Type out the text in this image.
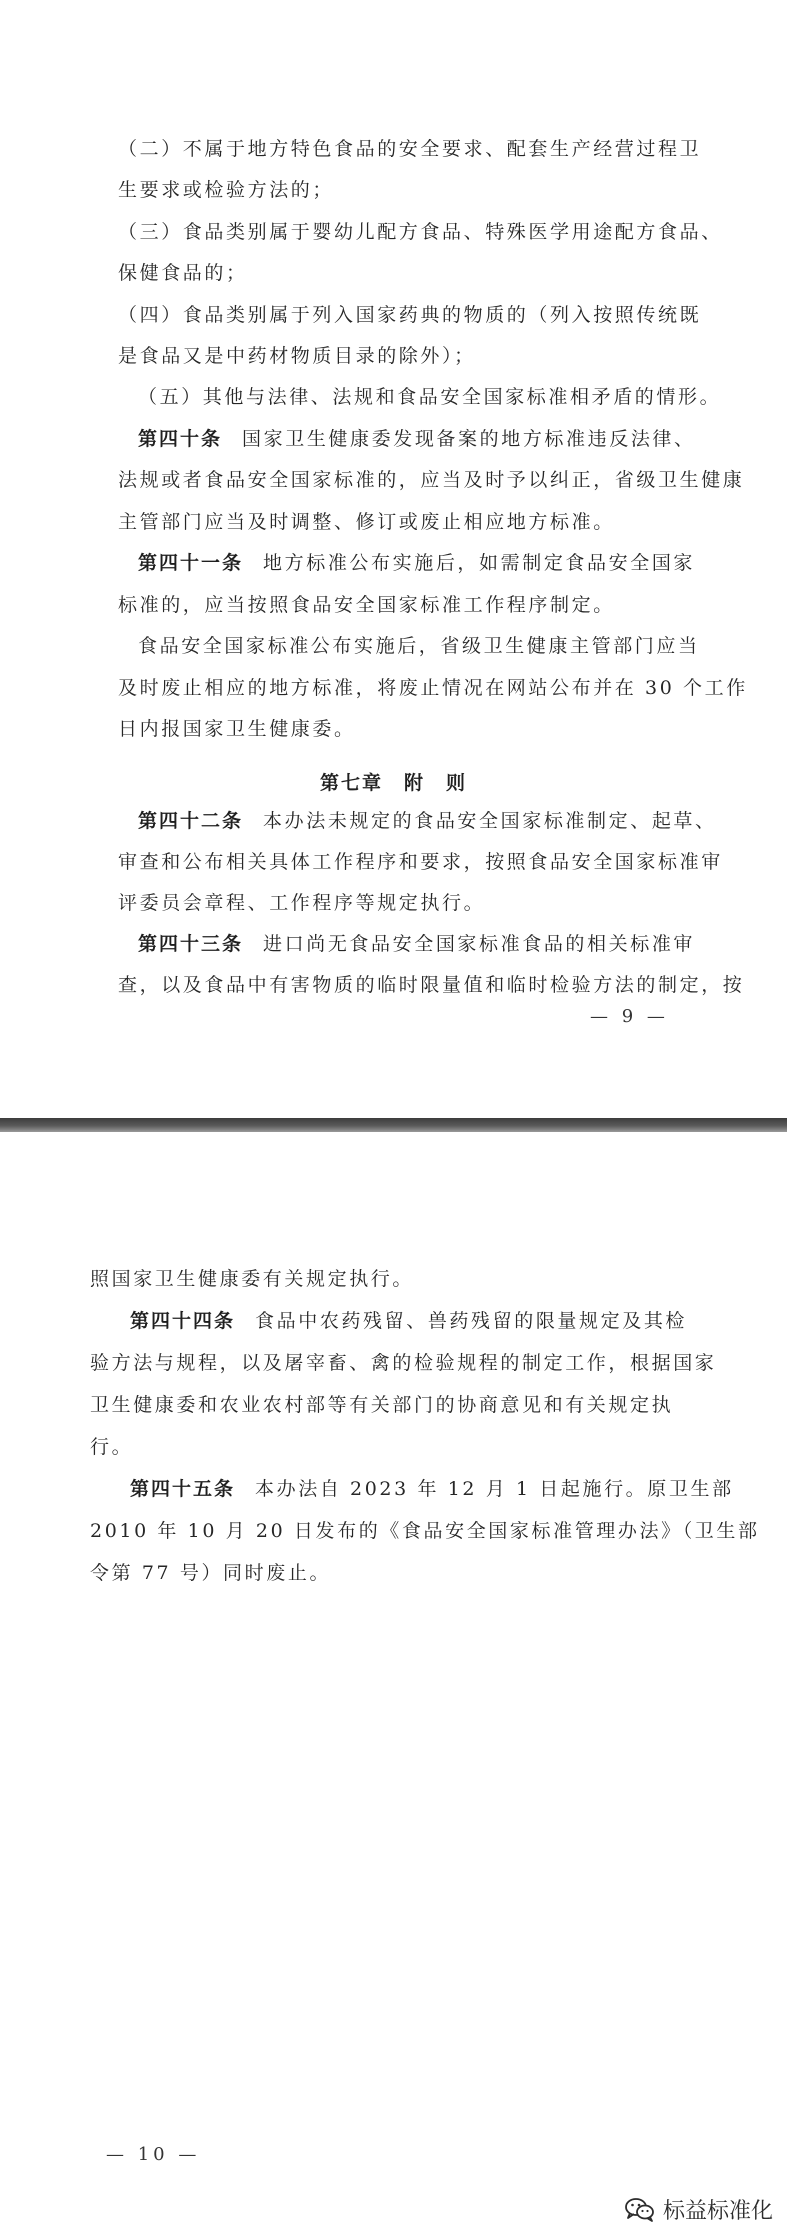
（二）不属于地方特色食品的安全要求、配套生产经营过程卫
生要求或检验方法的；
（三）食品类别属于婴幼儿配方食品、特殊医学用途配方食品、
保健食品的；
（四）食品类别属于列入国家药典的物质的（列入按照传统既
是食品又是中药材物质目录的除外）；
（五）其他与法律、法规和食品安全国家标准相矛盾的情形。
第四十条 国家卫生健康委发现备案的地方标准违反法律、
法规或者食品安全国家标准的，应当及时予以纠正，省级卫生健康
主管部门应当及时调整、修订或废止相应地方标准。
第四十一条 地方标准公布实施后，如需制定食品安全国家
标准的，应当按照食品安全国家标准工作程序制定。
食品安全国家标准公布实施后，省级卫生健康主管部门应当
及时废止相应的地方标准，将废止情况在网站公布并在 30 个工作
日内报国家卫生健康委。
第七章　附　则
第四十二条 本办法未规定的食品安全国家标准制定、起草、
审查和公布相关具体工作程序和要求，按照食品安全国家标准审
评委员会章程、工作程序等规定执行。
第四十三条 进口尚无食品安全国家标准食品的相关标准审
查，以及食品中有害物质的临时限量值和临时检验方法的制定，按
— 9 —
照国家卫生健康委有关规定执行。
第四十四条 食品中农药残留、兽药残留的限量规定及其检
验方法与规程，以及屠宰畜、禽的检验规程的制定工作，根据国家
卫生健康委和农业农村部等有关部门的协商意见和有关规定执
行。
第四十五条 本办法自 2023 年 12 月 1 日起施行。原卫生部
2010 年 10 月 20 日发布的《食品安全国家标准管理办法》（卫生部
令第 77 号）同时废止。
— 10 —
标益标准化
